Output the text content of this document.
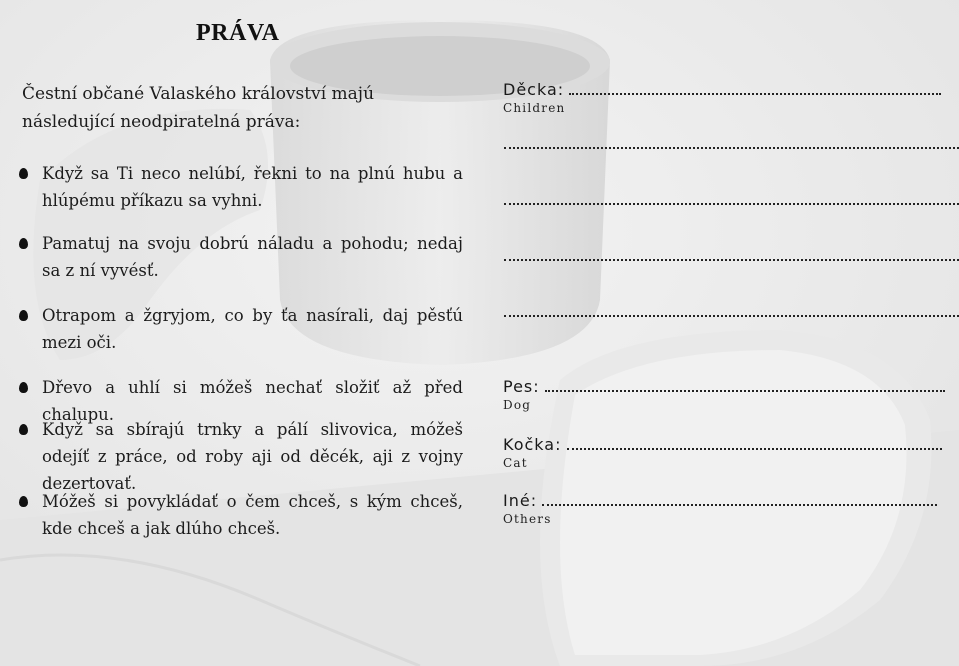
PRÁVA
Čestní občané Valaského království majú následující neodpiratelná práva:
Když sa Ti neco nelúbí, řekni to na plnú hubu a hlúpému příkazu sa vyhni.
Pamatuj na svoju dobrú náladu a pohodu; nedaj sa z ní vyvésť.
Otrapom a žgryjom, co by ťa nasírali, daj pěsťú mezi oči.
Dřevo a uhlí si móžeš nechať složiť až před chalupu.
Když sa sbírajú trnky a pálí slivovica, móžeš odejíť z práce, od roby aji od děcék, aji z vojny dezertovať.
Móžeš si povykládať o čem chceš, s kým chceš, kde chceš a jak dlúho chceš.
Děcka:
Children
Pes:
Dog
Kočka:
Cat
Iné:
Others
